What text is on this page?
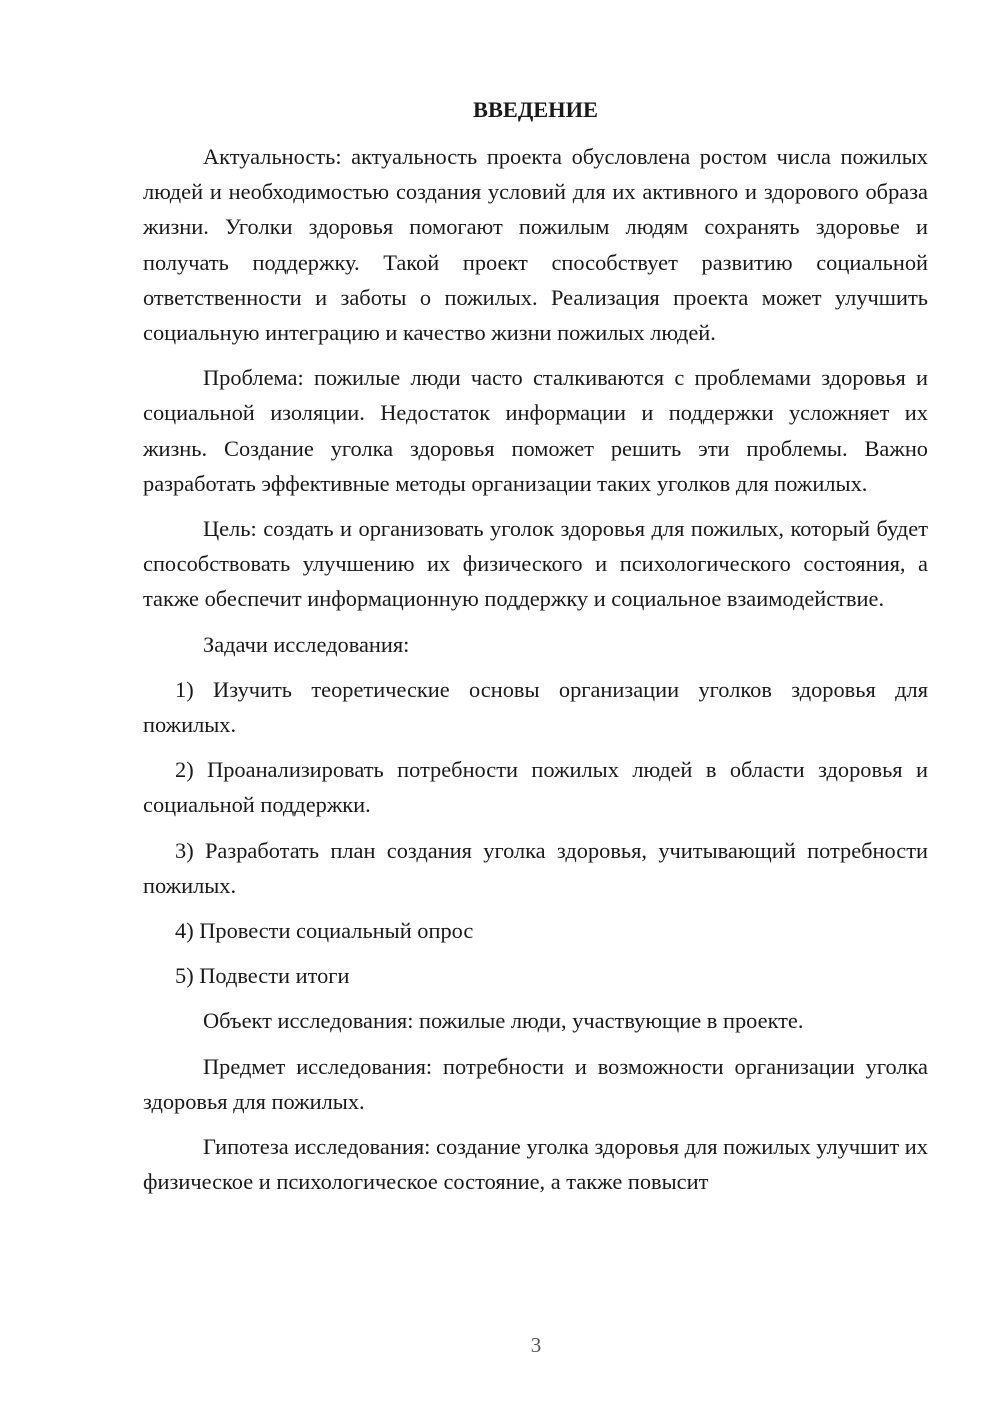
ВВЕДЕНИЕ

Актуальность: актуальность проекта обусловлена ростом числа пожилых людей и необходимостью создания условий для их активного и здорового образа жизни. Уголки здоровья помогают пожилым людям сохранять здоровье и получать поддержку. Такой проект способствует развитию социальной ответственности и заботы о пожилых. Реализация проекта может улучшить социальную интеграцию и качество жизни пожилых людей.

Проблема: пожилые люди часто сталкиваются с проблемами здоровья и социальной изоляции. Недостаток информации и поддержки усложняет их жизнь. Создание уголка здоровья поможет решить эти проблемы. Важно разработать эффективные методы организации таких уголков для пожилых.

Цель: создать и организовать уголок здоровья для пожилых, который будет способствовать улучшению их физического и психологического состояния, а также обеспечит информационную поддержку и социальное взаимодействие.

Задачи исследования:

1) Изучить теоретические основы организации уголков здоровья для пожилых.

2) Проанализировать потребности пожилых людей в области здоровья и социальной поддержки.

3) Разработать план создания уголка здоровья, учитывающий потребности пожилых.

4) Провести социальный опрос

5) Подвести итоги

Объект исследования: пожилые люди, участвующие в проекте.

Предмет исследования: потребности и возможности организации уголка здоровья для пожилых.

Гипотеза исследования: создание уголка здоровья для пожилых улучшит их физическое и психологическое состояние, а также повысит

3
